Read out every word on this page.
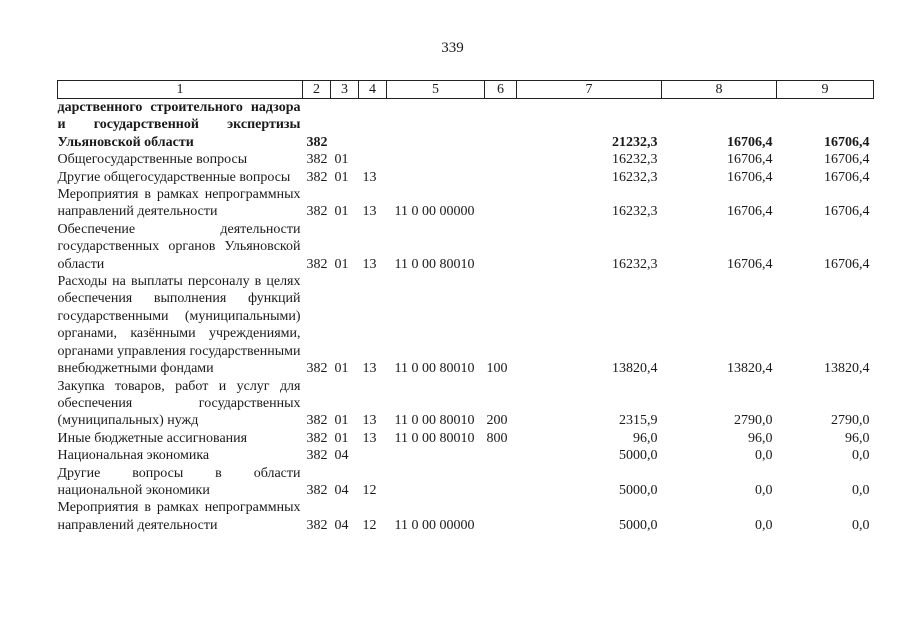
339
1	2	3	4	5	6	7	8	9
дарственного строительного надзора и государственной экспертизы Ульяновской области	382					21232,3	16706,4	16706,4
Общегосударственные вопросы	382	01				16232,3	16706,4	16706,4
Другие общегосударственные вопросы	382	01	13			16232,3	16706,4	16706,4
Мероприятия в рамках непрограммных направлений деятельности	382	01	13	11 0 00 00000		16232,3	16706,4	16706,4
Обеспечение деятельности государственных органов Ульяновской области	382	01	13	11 0 00 80010		16232,3	16706,4	16706,4
Расходы на выплаты персоналу в целях обеспечения выполнения функций государственными (муниципальными) органами, казёнными учреждениями, органами управления государственными внебюджетными фондами	382	01	13	11 0 00 80010	100	13820,4	13820,4	13820,4
Закупка товаров, работ и услуг для обеспечения государственных (муниципальных) нужд	382	01	13	11 0 00 80010	200	2315,9	2790,0	2790,0
Иные бюджетные ассигнования	382	01	13	11 0 00 80010	800	96,0	96,0	96,0
Национальная экономика	382	04				5000,0	0,0	0,0
Другие вопросы в области национальной экономики	382	04	12			5000,0	0,0	0,0
Мероприятия в рамках непрограммных направлений деятельности	382	04	12	11 0 00 00000		5000,0	0,0	0,0
